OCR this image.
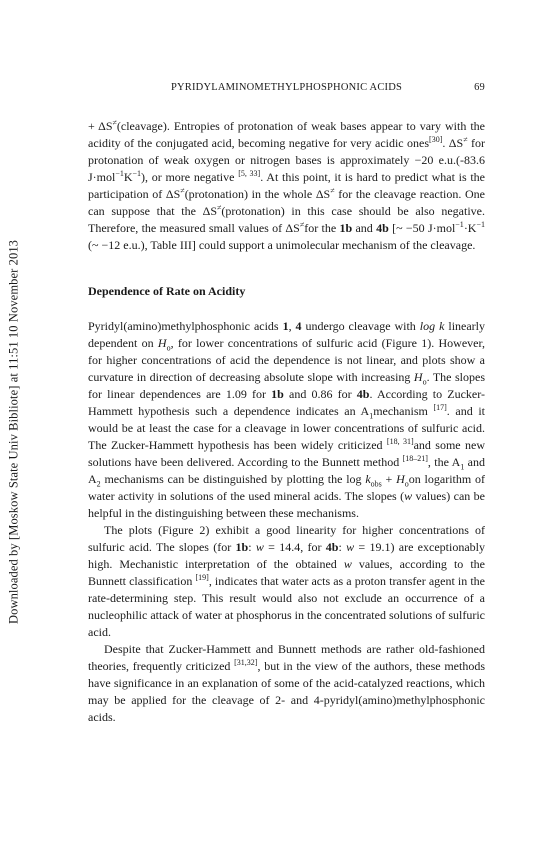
Downloaded by [Moskow State Univ Bibliote] at 11:51 10 November 2013
PYRIDYLAMINOMETHYLPHOSPHONIC ACIDS	69

+ ΔS≠(cleavage). Entropies of protonation of weak bases appear to vary with the acidity of the conjugated acid, becoming negative for very acidic ones[30]. ΔS≠ for protonation of weak oxygen or nitrogen bases is approximately −20 e.u.(-83.6 $J\cdot mol^{-1}K^{-1}$), or more negative [5, 33]. At this point, it is hard to predict what is the participation of ΔS≠(protonation) in the whole ΔS≠ for the cleavage reaction. One can suppose that the ΔS≠(protonation) in this case should be also negative. Therefore, the measured small values of ΔS≠for the 1b and 4b [~ −50 $J\cdot mol^{-1}\cdot K^{-1}$ (~ −12 e.u.), Table III] could support a unimolecular mechanism of the cleavage.

Dependence of Rate on Acidity

Pyridyl(amino)methylphosphonic acids 1, 4 undergo cleavage with log k linearly dependent on $H_o$, for lower concentrations of sulfuric acid (Figure 1). However, for higher concentrations of acid the dependence is not linear, and plots show a curvature in direction of decreasing absolute slope with increasing $H_o$. The slopes for linear dependences are 1.09 for 1b and 0.86 for 4b. According to Zucker-Hammett hypothesis such a dependence indicates an $A_1mechanism$ [17]. and it would be at least the case for a cleavage in lower concentrations of sulfuric acid. The Zucker-Hammett hypothesis has been widely criticized [18, 31]and some new solutions have been delivered. According to the Bunnett method [18–21], the $A_1$ and $A_2$ mechanisms can be distinguished by plotting the $\log k_{obs} + H_oon$ logarithm of water activity in solutions of the used mineral acids. The slopes (w values) can be helpful in the distinguishing between these mechanisms.

The plots (Figure 2) exhibit a good linearity for higher concentrations of sulfuric acid. The slopes (for 1b: w = 14.4, for 4b: w = 19.1) are exceptionably high. Mechanistic interpretation of the obtained w values, according to the Bunnett classification [19], indicates that water acts as a proton transfer agent in the rate-determining step. This result would also not exclude an occurrence of a nucleophilic attack of water at phosphorus in the concentrated solutions of sulfuric acid.

Despite that Zucker-Hammett and Bunnett methods are rather old-fashioned theories, frequently criticized [31,32], but in the view of the authors, these methods have significance in an explanation of some of the acid-catalyzed reactions, which may be applied for the cleavage of 2- and 4-pyridyl(amino)methylphosphonic acids.
